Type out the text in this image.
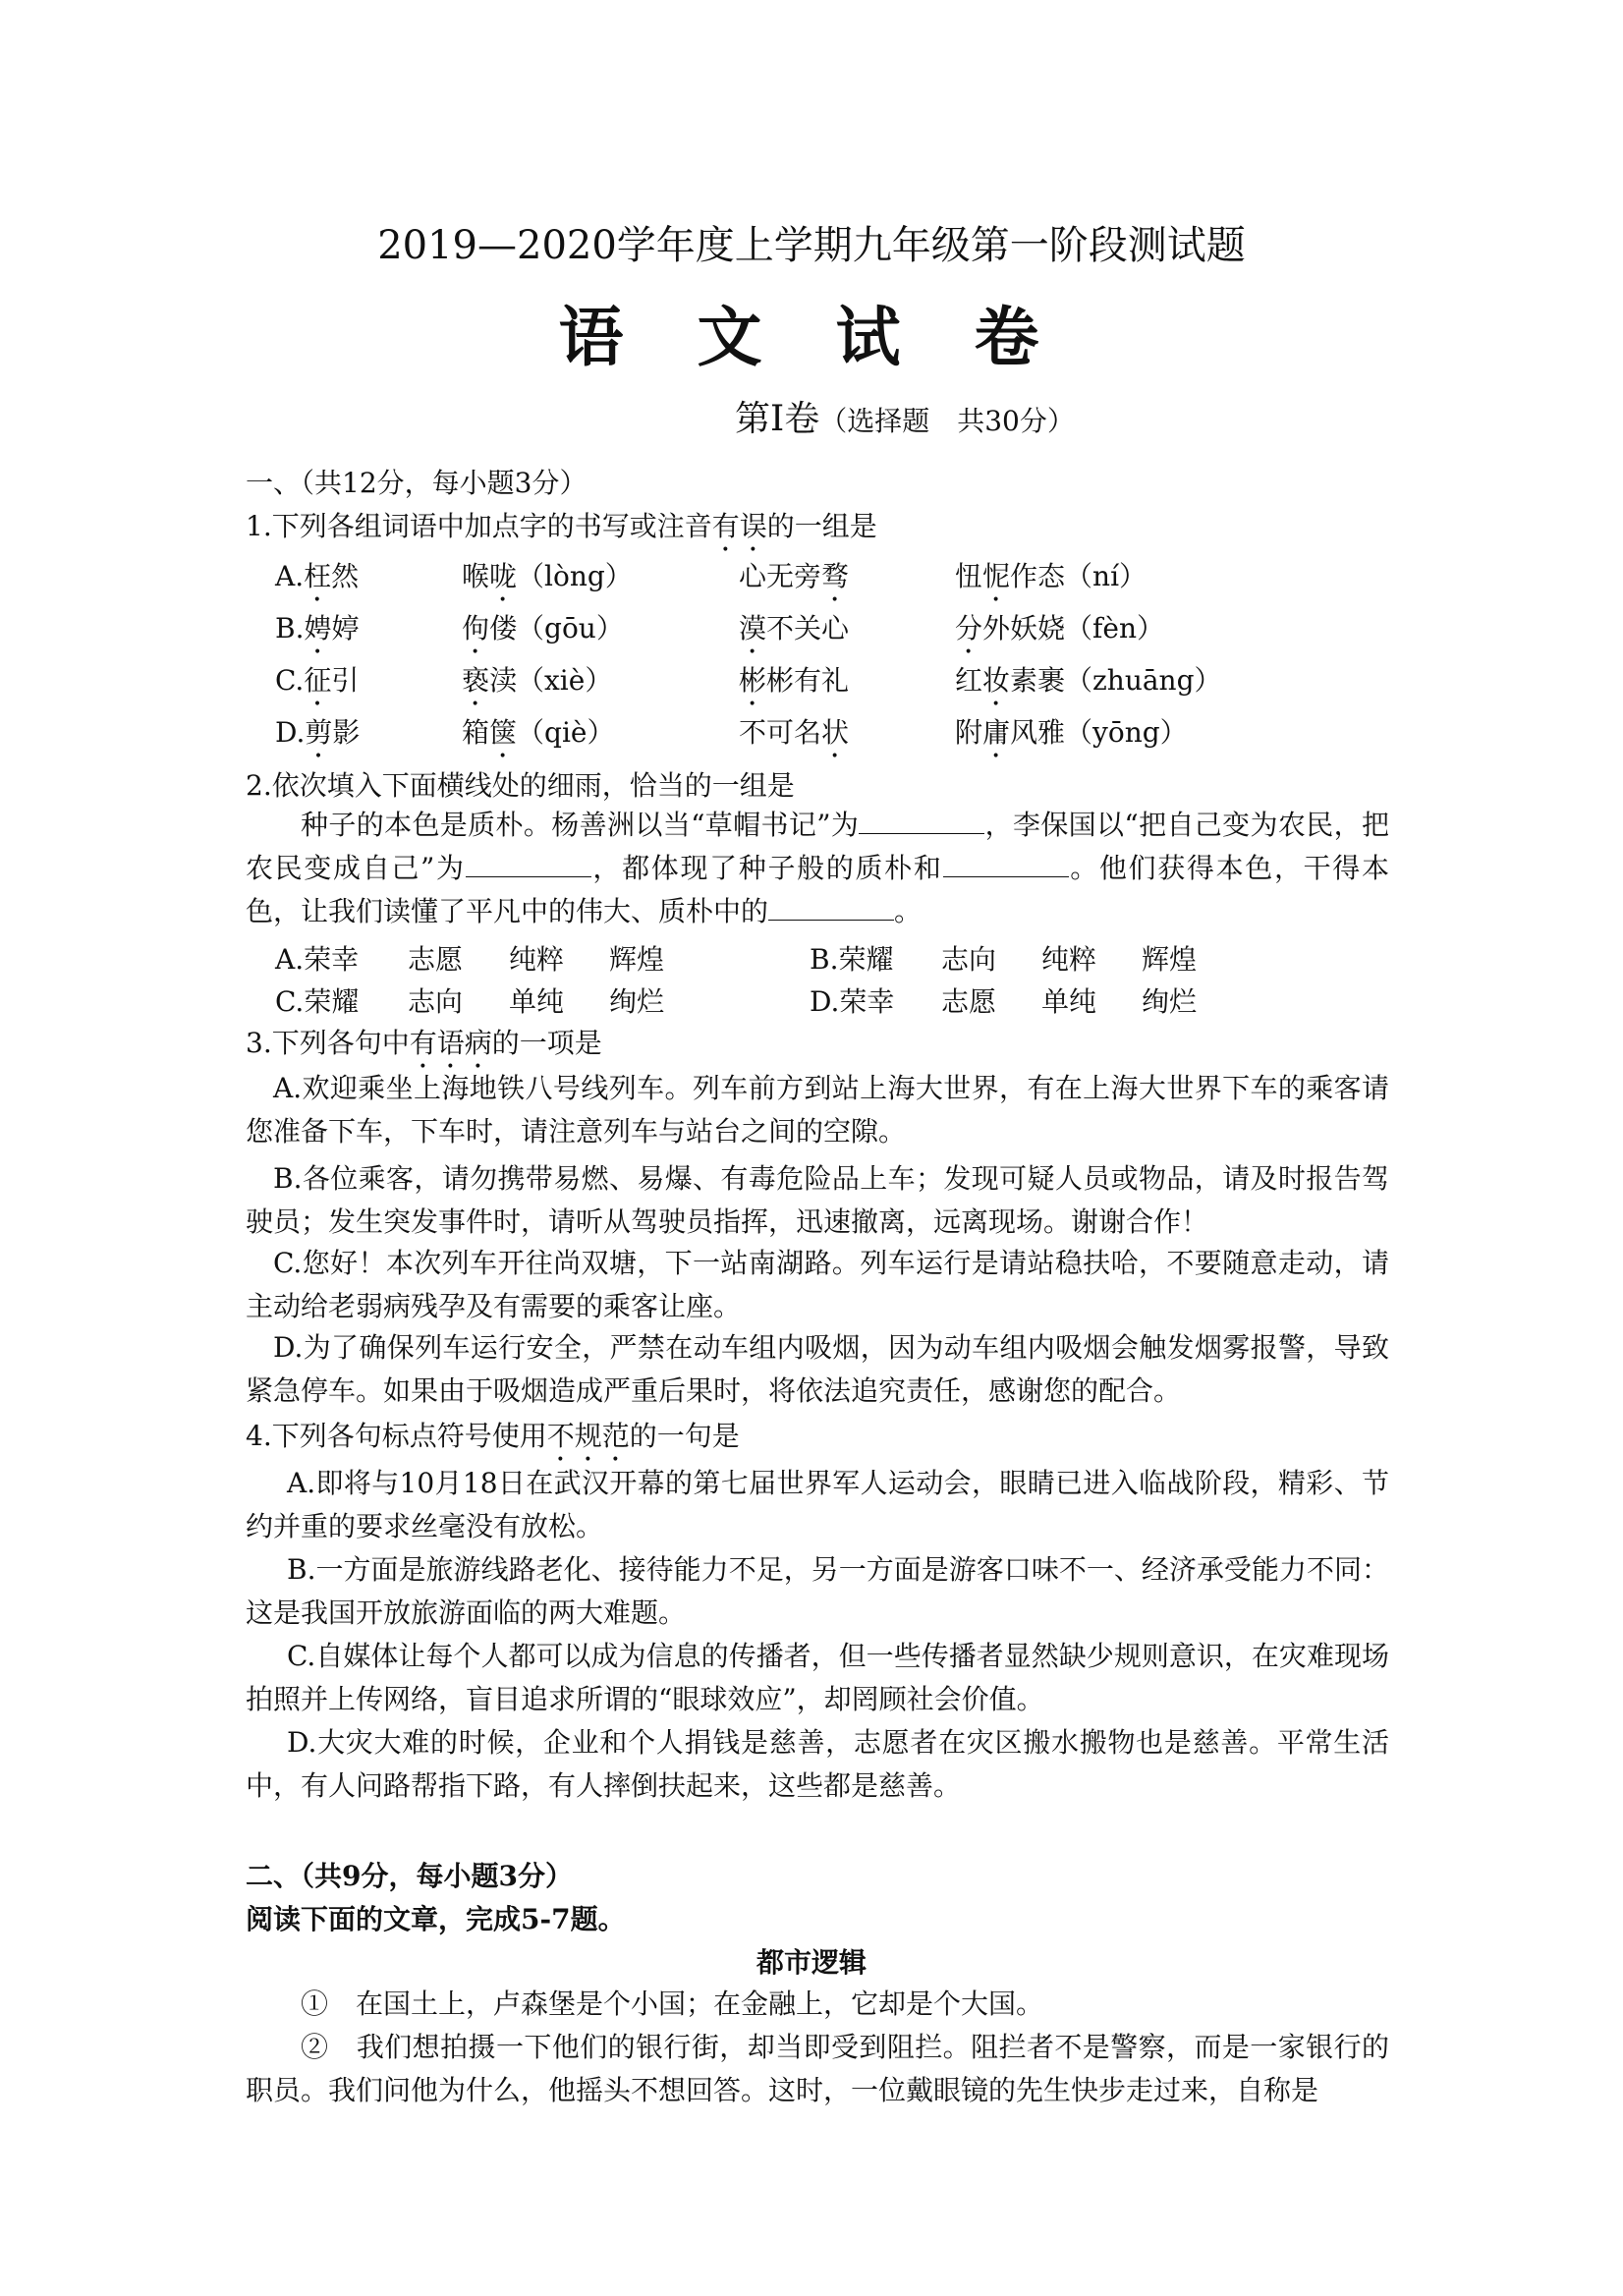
2019—2020学年度上学期九年级第一阶段测试题
语 文 试 卷
第Ⅰ卷（选择题　共30分）
一、（共12分，每小题3分）
1.下列各组词语中加点字的书写或注音有误的一组是
A.枉然	喉咙（lòng）	心无旁骛	忸怩作态（ní）
B.娉婷	佝偻（gōu）	漠不关心	分外妖娆（fèn）
C.征引	亵渎（xiè）	彬彬有礼	红妆素裹（zhuāng）
D.剪影	箱箧（qiè）	不可名状	附庸风雅（yōng）
2.依次填入下面横线处的细雨，恰当的一组是
种子的本色是质朴。杨善洲以当“草帽书记”为	，李保国以“把自己变为农民，把农民变成自己”为	，都体现了种子般的质朴和	。他们获得本色，干得本色，让我们读懂了平凡中的伟大、质朴中的	。
A.荣幸 志愿 纯粹 辉煌	B.荣耀 志向 纯粹 辉煌
C.荣耀 志向 单纯 绚烂	D.荣幸 志愿 单纯 绚烂
3.下列各句中有语病的一项是
A.欢迎乘坐上海地铁八号线列车。列车前方到站上海大世界，有在上海大世界下车的乘客请您准备下车，下车时，请注意列车与站台之间的空隙。
B.各位乘客，请勿携带易燃、易爆、有毒危险品上车；发现可疑人员或物品，请及时报告驾驶员；发生突发事件时，请听从驾驶员指挥，迅速撤离，远离现场。谢谢合作！
C.您好！本次列车开往尚双塘，下一站南湖路。列车运行是请站稳扶哈，不要随意走动，请主动给老弱病残孕及有需要的乘客让座。
D.为了确保列车运行安全，严禁在动车组内吸烟，因为动车组内吸烟会触发烟雾报警，导致紧急停车。如果由于吸烟造成严重后果时，将依法追究责任，感谢您的配合。
4.下列各句标点符号使用不规范的一句是
A.即将与10月18日在武汉开幕的第七届世界军人运动会，眼睛已进入临战阶段，精彩、节约并重的要求丝毫没有放松。
B.一方面是旅游线路老化、接待能力不足，另一方面是游客口味不一、经济承受能力不同：这是我国开放旅游面临的两大难题。
C.自媒体让每个人都可以成为信息的传播者，但一些传播者显然缺少规则意识，在灾难现场拍照并上传网络，盲目追求所谓的“眼球效应”，却罔顾社会价值。
D.大灾大难的时候，企业和个人捐钱是慈善，志愿者在灾区搬水搬物也是慈善。平常生活中，有人问路帮指下路，有人摔倒扶起来，这些都是慈善。
二、（共9分，每小题3分）
阅读下面的文章，完成5-7题。
都市逻辑
①　在国土上，卢森堡是个小国；在金融上，它却是个大国。
②　我们想拍摄一下他们的银行街，却当即受到阻拦。阻拦者不是警察，而是一家银行的职员。我们问他为什么，他摇头不想回答。这时，一位戴眼镜的先生快步走过来，自称是
